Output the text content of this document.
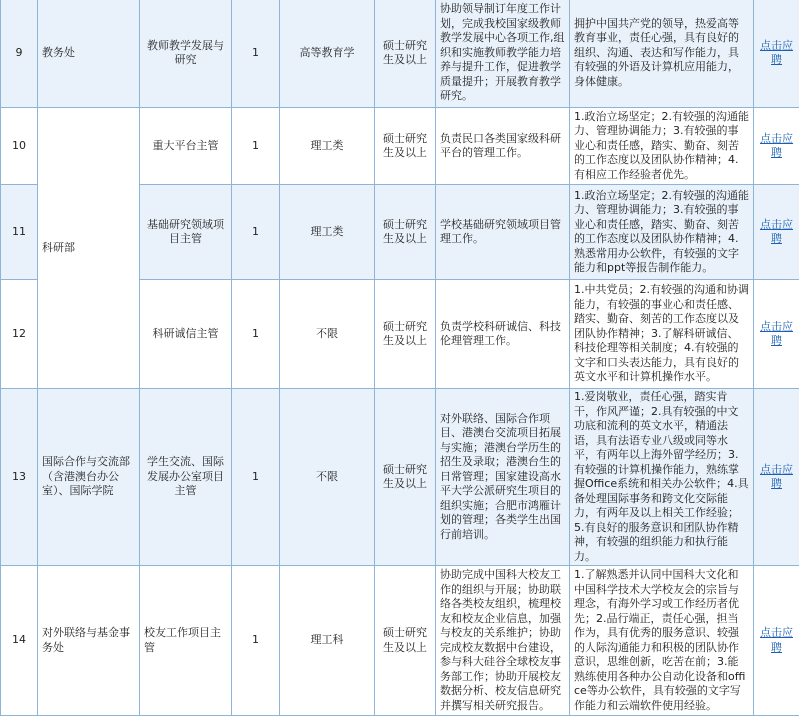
9	教务处	教师教学发展与研究	1	高等教育学	硕士研究生及以上	协助领导制订年度工作计划，完成我校国家级教师教学发展中心各项工作,组织和实施教师教学能力培养与提升工作，促进教学质量提升；开展教育教学研究。	拥护中国共产党的领导，热爱高等教育事业，责任心强，具有良好的组织、沟通、表达和写作能力，具有较强的外语及计算机应用能力，身体健康。	点击应聘
10	科研部	重大平台主管	1	理工类	硕士研究生及以上	负责民口各类国家级科研平台的管理工作。	1.政治立场坚定；2.有较强的沟通能力、管理协调能力；3.有较强的事业心和责任感，踏实、勤奋、刻苦的工作态度以及团队协作精神；4.有相应工作经验者优先。	点击应聘
11		基础研究领域项目主管	1	理工类	硕士研究生及以上	学校基础研究领域项目管理工作。	1.政治立场坚定；2.有较强的沟通能力、管理协调能力；3.有较强的事业心和责任感，踏实、勤奋、刻苦的工作态度以及团队协作精神；4.熟悉常用办公软件，有较强的文字能力和ppt等报告制作能力。	点击应聘
12		科研诚信主管	1	不限	硕士研究生及以上	负责学校科研诚信、科技伦理管理工作。	1.中共党员；2.有较强的沟通和协调能力，有较强的事业心和责任感、踏实、勤奋、刻苦的工作态度以及团队协作精神；3.了解科研诚信、科技伦理等相关制度；4.有较强的文字和口头表达能力，具有良好的英文水平和计算机操作水平。	点击应聘
13	国际合作与交流部（含港澳台办公室）、国际学院	学生交流、国际发展办公室项目主管	1	不限	硕士研究生及以上	对外联络、国际合作项目、港澳台交流项目拓展与实施；港澳台学历生的招生及录取；港澳台生的日常管理；国家建设高水平大学公派研究生项目的组织实施；合肥市鸿雁计划的管理；各类学生出国行前培训。	1.爱岗敬业，责任心强，踏实肯干，作风严谨；2.具有较强的中文功底和流利的英文水平，精通法语，具有法语专业八级或同等水平，有两年以上海外留学经历；3.有较强的计算机操作能力，熟练掌握Office系统和相关办公软件；4.具备处理国际事务和跨文化交际能力，有两年及以上相关工作经验；5.有良好的服务意识和团队协作精神，有较强的组织能力和执行能力。	点击应聘
14	对外联络与基金事务处	校友工作项目主管	1	理工科	硕士研究生及以上	协助完成中国科大校友工作的组织与开展；协助联络各类校友组织，梳理校友和校友企业信息，加强与校友的关系维护；协助完成校友数据中台建设，参与科大硅谷全球校友事务部工作；协助开展校友数据分析、校友信息研究并撰写相关研究报告。	1.了解熟悉并认同中国科大文化和中国科学技术大学校友会的宗旨与理念，有海外学习或工作经历者优先；2.品行端正，责任心强，担当作为，具有优秀的服务意识、较强的人际沟通能力和积极的团队协作意识，思维创新，吃苦在前；3.能熟练使用各种办公自动化设备和office等办公软件，具有较强的文字写作能力和云端软件使用经验。	点击应聘
